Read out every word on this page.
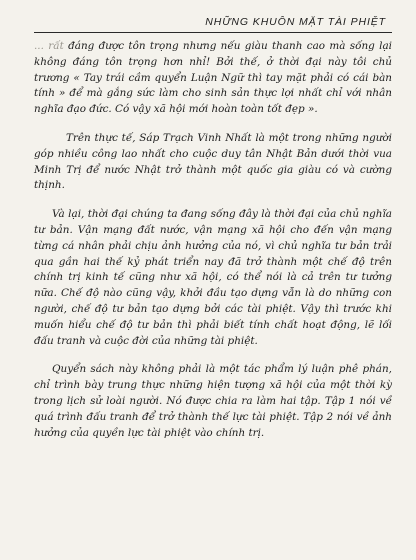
NHỮNG KHUÔN MẶT TÀI PHIỆT

... rất đáng được tôn trọng nhưng nếu giàu thanh cao mà sống lại không đáng tôn trọng hơn nhỉ! Bởi thế, ở thời đại này tôi chủ trương « Tay trái cầm quyển Luận Ngữ thì tay mặt phải có cái bàn tính » để mà gắng sức làm cho sinh sản thực lợi nhất chỉ với nhân nghĩa đạo đức. Có vậy xã hội mới hoàn toàn tốt đẹp ».

Trên thực tế, Sáp Trạch Vinh Nhất là một trong những người góp nhiều công lao nhất cho cuộc duy tân Nhật Bản dưới thời vua Minh Trị để nước Nhật trở thành một quốc gia giàu có và cường thịnh.

Và lại, thời đại chúng ta đang sống đây là thời đại của chủ nghĩa tư bản. Vận mạng đất nước, vận mạng xã hội cho đến vận mạng từng cá nhân phải chịu ảnh hưởng của nó, vì chủ nghĩa tư bản trải qua gần hai thế kỷ phát triển nay đã trở thành một chế độ trên chính trị kinh tế cũng như xã hội, có thể nói là cả trên tư tưởng nữa. Chế độ nào cũng vậy, khởi đầu tạo dựng vẫn là do những con người, chế độ tư bản tạo dựng bởi các tài phiệt. Vậy thì trước khi muốn hiểu chế độ tư bản thì phải biết tính chất hoạt động, lẽ lối đấu tranh và cuộc đời của những tài phiệt.

Quyển sách này không phải là một tác phẩm lý luận phê phán, chỉ trình bày trung thực những hiện tượng xã hội của một thời kỳ trong lịch sử loài người. Nó được chia ra làm hai tập. Tập 1 nói về quá trình đấu tranh để trở thành thế lực tài phiệt. Tập 2 nói về ảnh hưởng của quyền lực tài phiệt vào chính trị.
